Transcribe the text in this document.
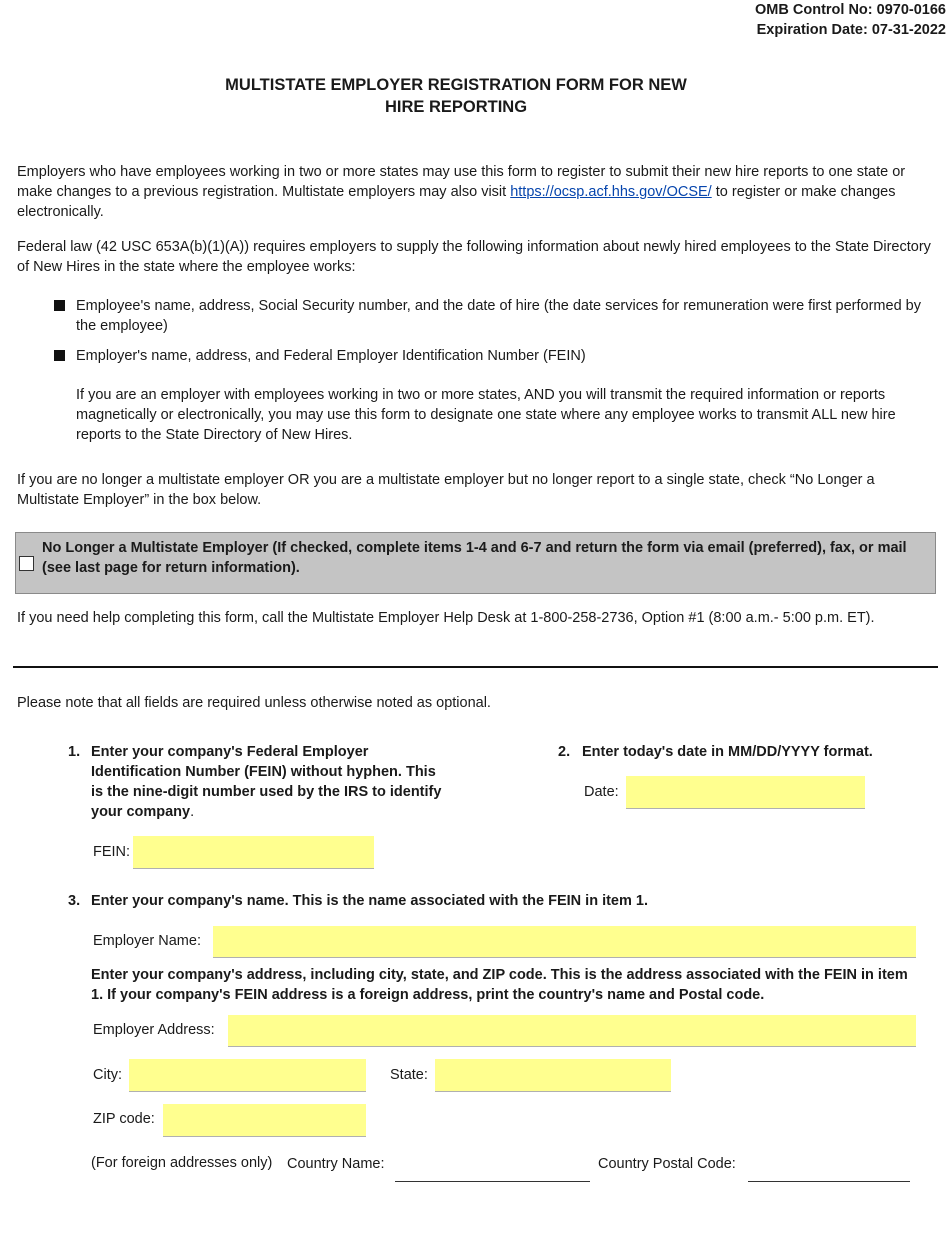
OMB Control No: 0970-0166
Expiration Date: 07-31-2022
MULTISTATE EMPLOYER REGISTRATION FORM FOR NEW
HIRE REPORTING
Employers who have employees working in two or more states may use this form to register to submit their new hire reports to one state or make changes to a previous registration. Multistate employers may also visit https://ocsp.acf.hhs.gov/OCSE/ to register or make changes electronically.
Federal law (42 USC 653A(b)(1)(A)) requires employers to supply the following information about newly hired employees to the State Directory of New Hires in the state where the employee works:
Employee's name, address, Social Security number, and the date of hire (the date services for remuneration were first performed by the employee)
Employer's name, address, and Federal Employer Identification Number (FEIN)
If you are an employer with employees working in two or more states, AND you will transmit the required information or reports magnetically or electronically, you may use this form to designate one state where any employee works to transmit ALL new hire reports to the State Directory of New Hires.
If you are no longer a multistate employer OR you are a multistate employer but no longer report to a single state, check “No Longer a Multistate Employer” in the box below.
No Longer a Multistate Employer (If checked, complete items 1-4 and 6-7 and return the form via email (preferred), fax, or mail (see last page for return information).
If you need help completing this form, call the Multistate Employer Help Desk at 1-800-258-2736, Option #1 (8:00 a.m.- 5:00 p.m. ET).
Please note that all fields are required unless otherwise noted as optional.
1. Enter your company's Federal Employer Identification Number (FEIN) without hyphen. This is the nine-digit number used by the IRS to identify your company.
FEIN:
2. Enter today's date in MM/DD/YYYY format.
Date:
3. Enter your company's name. This is the name associated with the FEIN in item 1.
Employer Name:
Enter your company's address, including city, state, and ZIP code. This is the address associated with the FEIN in item 1. If your company's FEIN address is a foreign address, print the country's name and Postal code.
Employer Address:
City:	State:
ZIP code:
(For foreign addresses only) Country Name:	Country Postal Code:
